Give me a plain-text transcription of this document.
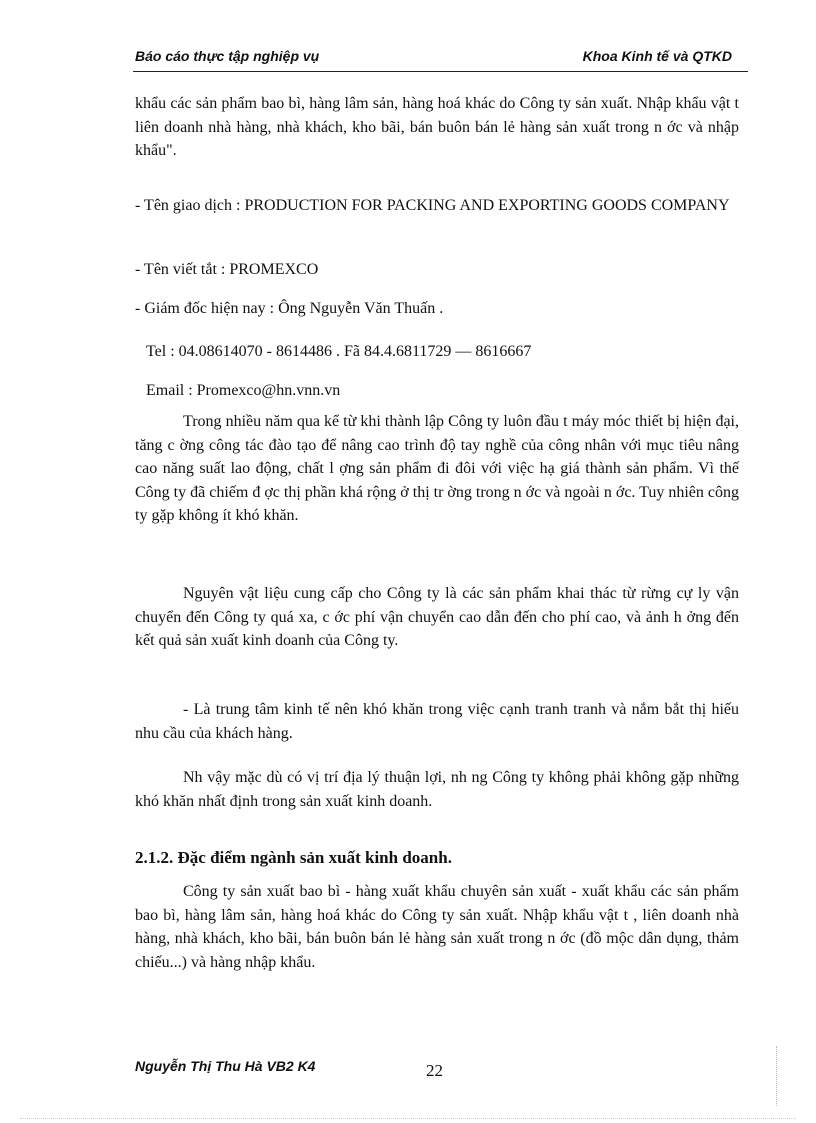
Báo cáo thực tập nghiệp vụ	Khoa Kinh tế và QTKD

khẩu các sản phẩm bao bì, hàng lâm sản, hàng hoá khác do Công ty sản xuất. Nhập khẩu vật t liên doanh nhà hàng, nhà khách, kho bãi, bán buôn bán lẻ hàng sản xuất trong n ớc và nhập khẩu".

- Tên giao dịch : PRODUCTION FOR PACKING AND EXPORTING GOODS COMPANY

- Tên viết tắt : PROMEXCO

- Giám đốc hiện nay : Ông Nguyễn Văn Thuấn .

Tel : 04.08614070 - 8614486 . Fã 84.4.6811729 — 8616667

Email : Promexco@hn.vnn.vn

Trong nhiều năm qua kể từ khi thành lập Công ty luôn đầu t máy móc thiết bị hiện đại, tăng c ờng công tác đào tạo để nâng cao trình độ tay nghề của công nhân với mục tiêu nâng cao năng suất lao động, chất l ợng sản phẩm đi đôi với việc hạ giá thành sản phẩm. Vì thế Công ty đã chiếm đ ợc thị phần khá rộng ở thị tr ờng trong n ớc và ngoài n ớc. Tuy nhiên công ty gặp không ít khó khăn.

Nguyên vật liệu cung cấp cho Công ty là các sản phẩm khai thác từ rừng cự ly vận chuyển đến Công ty quá xa, c ớc phí vận chuyển cao dẫn đến cho phí cao, và ảnh h ởng đến kết quả sản xuất kinh doanh của Công ty.

- Là trung tâm kinh tế nên khó khăn trong việc cạnh tranh tranh và nắm bắt thị hiếu nhu cầu của khách hàng.

Nh vậy mặc dù có vị trí địa lý thuận lợi, nh ng Công ty không phải không gặp những khó khăn nhất định trong sản xuất kinh doanh.

2.1.2. Đặc điểm ngành sản xuất kinh doanh.

Công ty sản xuất bao bì - hàng xuất khẩu chuyên sản xuất - xuất khẩu các sản phẩm bao bì, hàng lâm sản, hàng hoá khác do Công ty sản xuất. Nhập khẩu vật t , liên doanh nhà hàng, nhà khách, kho bãi, bán buôn bán lẻ hàng sản xuất trong n ớc (đồ mộc dân dụng, thảm chiếu...) và hàng nhập khẩu.

Nguyễn Thị Thu Hà VB2 K4	22
